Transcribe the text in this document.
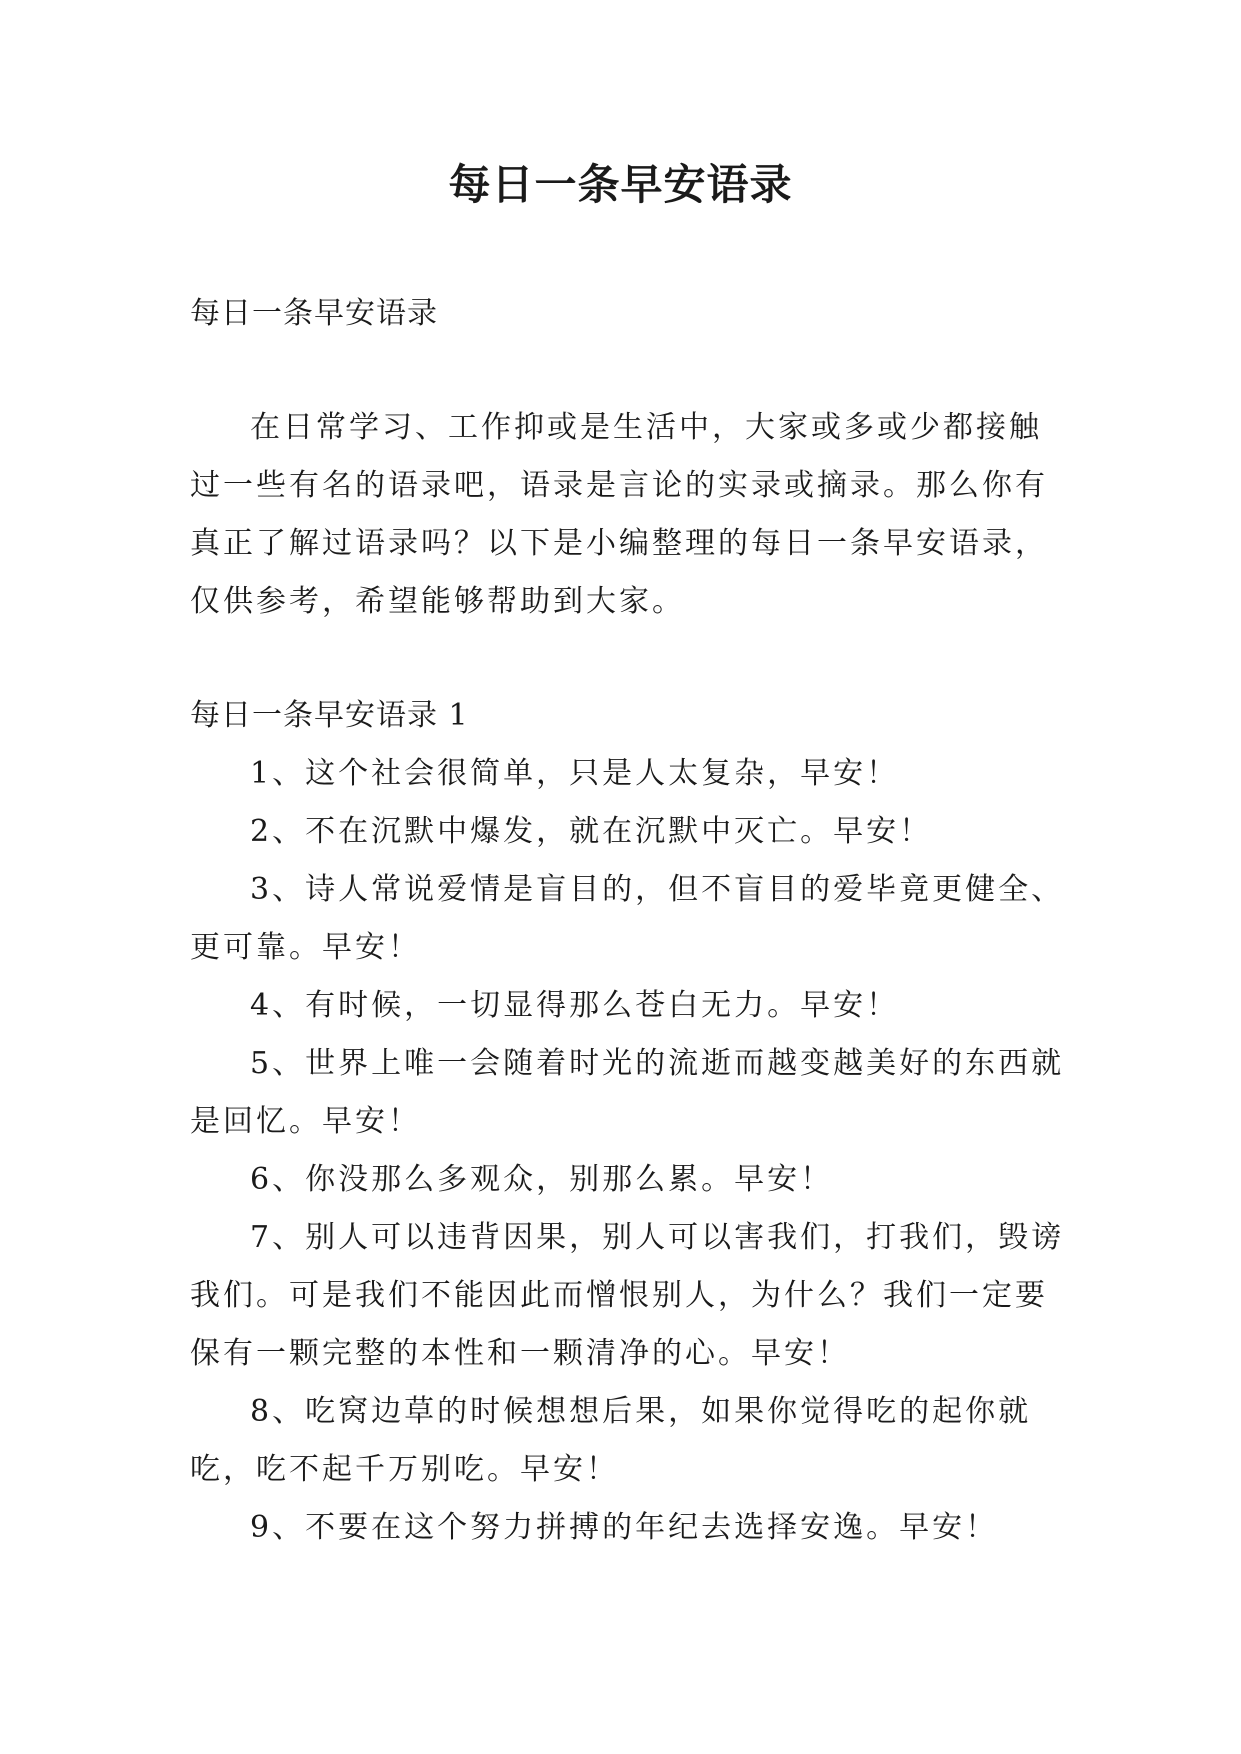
每日一条早安语录

每日一条早安语录

在日常学习、工作抑或是生活中，大家或多或少都接触过一些有名的语录吧，语录是言论的实录或摘录。那么你有真正了解过语录吗？以下是小编整理的每日一条早安语录，仅供参考，希望能够帮助到大家。

每日一条早安语录 1

1、这个社会很简单，只是人太复杂，早安！

2、不在沉默中爆发，就在沉默中灭亡。早安！

3、诗人常说爱情是盲目的，但不盲目的爱毕竟更健全、更可靠。早安！

4、有时候，一切显得那么苍白无力。早安！

5、世界上唯一会随着时光的流逝而越变越美好的东西就是回忆。早安！

6、你没那么多观众，别那么累。早安！

7、别人可以违背因果，别人可以害我们，打我们，毁谤我们。可是我们不能因此而憎恨别人，为什么？我们一定要保有一颗完整的本性和一颗清净的心。早安！

8、吃窝边草的时候想想后果，如果你觉得吃的起你就吃，吃不起千万别吃。早安！

9、不要在这个努力拼搏的年纪去选择安逸。早安！
